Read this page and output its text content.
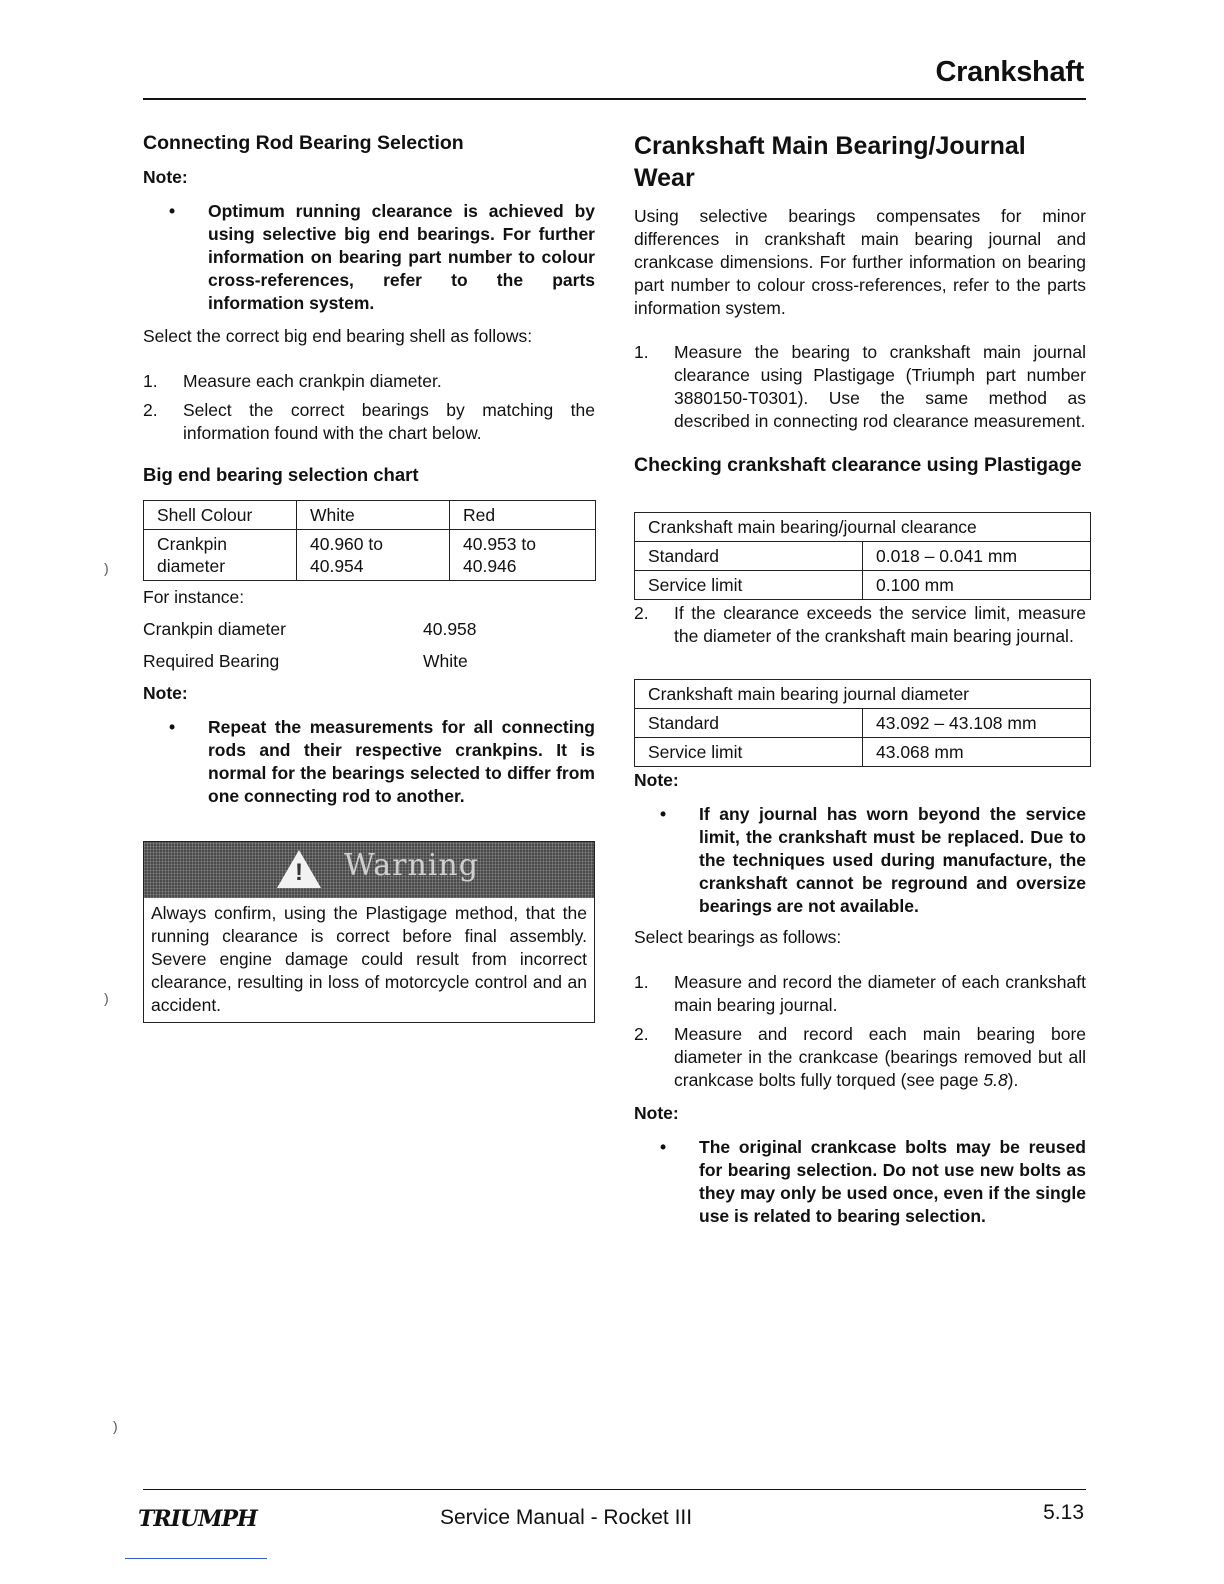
Crankshaft
)
)
)
Connecting Rod Bearing Selection
Note:
• Optimum running clearance is achieved by using selective big end bearings. For further information on bearing part number to colour cross-references, refer to the parts information system.

Select the correct big end bearing shell as follows:

1. Measure each crankpin diameter.
2. Select the correct bearings by matching the information found with the chart below.
Big end bearing selection chart
Shell Colour	White	Red
Crankpin diameter	40.960 to 40.954	40.953 to 40.946

For instance:

Crankpin diameter	40.958
Required Bearing	White
Note:
• Repeat the measurements for all connecting rods and their respective crankpins. It is normal for the bearings selected to differ from one connecting rod to another.
! Warning
Always confirm, using the Plastigage method, that the running clearance is correct before final assembly. Severe engine damage could result from incorrect clearance, resulting in loss of motorcycle control and an accident.
Crankshaft Main Bearing/Journal Wear

Using selective bearings compensates for minor differences in crankshaft main bearing journal and crankcase dimensions. For further information on bearing part number to colour cross-references, refer to the parts information system.

1. Measure the bearing to crankshaft main journal clearance using Plastigage (Triumph part number 3880150-T0301). Use the same method as described in connecting rod clearance measurement.
Checking crankshaft clearance using Plastigage
Crankshaft main bearing/journal clearance	
Standard	0.018 – 0.041 mm
Service limit	0.100 mm
2. If the clearance exceeds the service limit, measure the diameter of the crankshaft main bearing journal.
Crankshaft main bearing journal diameter	
Standard	43.092 – 43.108 mm
Service limit	43.068 mm
Note:
• If any journal has worn beyond the service limit, the crankshaft must be replaced. Due to the techniques used during manufacture, the crankshaft cannot be reground and oversize bearings are not available.

Select bearings as follows:

1. Measure and record the diameter of each crankshaft main bearing journal.
2. Measure and record each main bearing bore diameter in the crankcase (bearings removed but all crankcase bolts fully torqued (see page 5.8).
Note:
• The original crankcase bolts may be reused for bearing selection. Do not use new bolts as they may only be used once, even if the single use is related to bearing selection.
TRIUMPH	Service Manual - Rocket III	5.13
